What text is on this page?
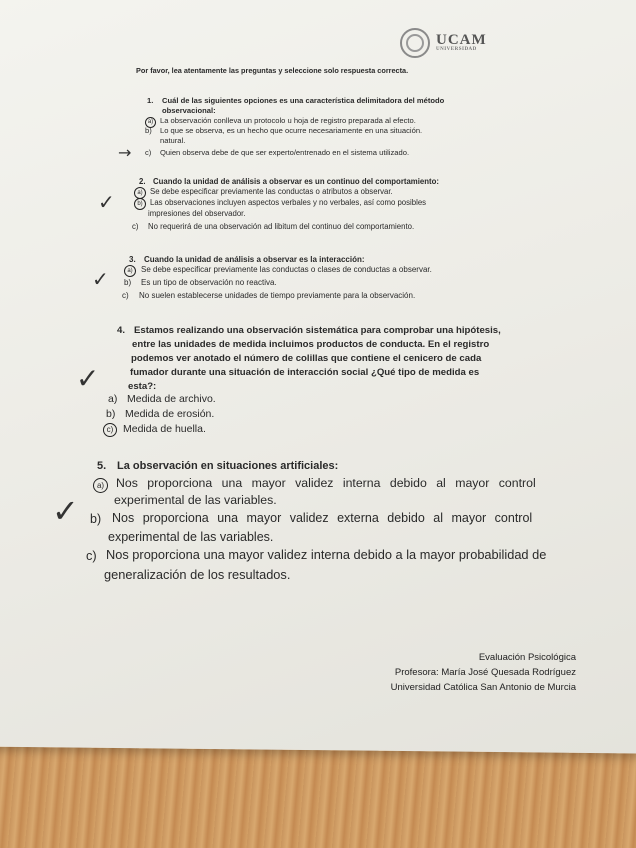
UCAM
UNIVERSIDAD
Por favor, lea atentamente las preguntas y seleccione solo respuesta correcta.
1. Cuál de las siguientes opciones es una característica delimitadora del método
observacional:
a) La observación conlleva un protocolo u hoja de registro preparada al efecto.
b) Lo que se observa, es un hecho que ocurre necesariamente en una situación.
natural.
c) Quien observa debe de que ser experto/entrenado en el sistema utilizado.
→
2. Cuando la unidad de análisis a observar es un continuo del comportamiento:
a) Se debe especificar previamente las conductas o atributos a observar.
b) Las observaciones incluyen aspectos verbales y no verbales, así como posibles
impresiones del observador.
c) No requerirá de una observación ad libitum del continuo del comportamiento.
✓
3. Cuando la unidad de análisis a observar es la interacción:
a)	Se debe especificar previamente las conductas o clases de conductas a observar.
b) Es un tipo de observación no reactiva.
c) No suelen establecerse unidades de tiempo previamente para la observación.
✓
4. Estamos realizando una observación sistemática para comprobar una hipótesis,
entre las unidades de medida incluimos productos de conducta. En el registro
podemos ver anotado el número de colillas que contiene el cenicero de cada
fumador durante una situación de interacción social ¿Qué tipo de medida es
esta?:
a) Medida de archivo.
b) Medida de erosión.
c) Medida de huella.
✓
5. La observación en situaciones artificiales:
a) Nos proporciona una mayor validez interna debido al mayor control
experimental de las variables.
b) Nos proporciona una mayor validez externa debido al mayor control
experimental de las variables.
c) Nos proporciona una mayor validez interna debido a la mayor probabilidad de
generalización de los resultados.
✓
Evaluación Psicológica
Profesora: María José Quesada Rodríguez
Universidad Católica San Antonio de Murcia
